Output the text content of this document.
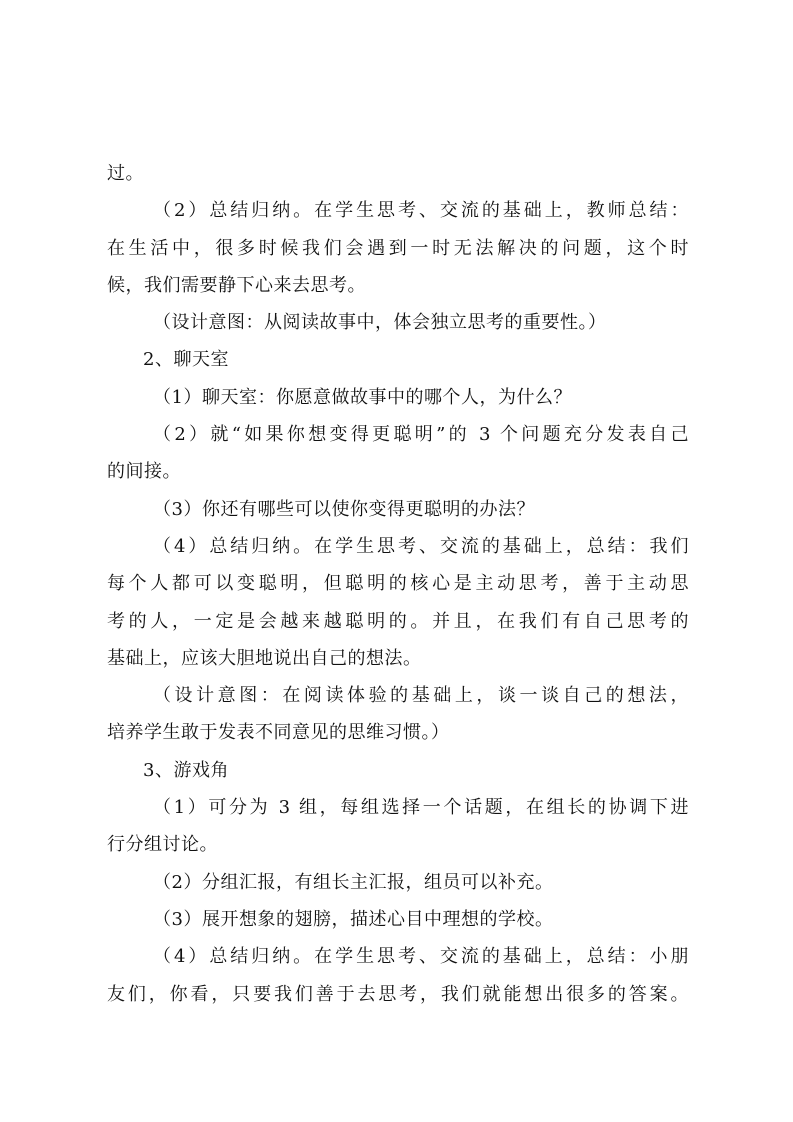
过。
（2）总结归纳。在学生思考、交流的基础上，教师总结：
在生活中，很多时候我们会遇到一时无法解决的问题，这个时
候，我们需要静下心来去思考。
（设计意图：从阅读故事中，体会独立思考的重要性。）
2、聊天室
（1）聊天室：你愿意做故事中的哪个人，为什么？
（2）就“如果你想变得更聪明”的 3 个问题充分发表自己
的间接。
（3）你还有哪些可以使你变得更聪明的办法？
（4）总结归纳。在学生思考、交流的基础上，总结：我们
每个人都可以变聪明，但聪明的核心是主动思考，善于主动思
考的人，一定是会越来越聪明的。并且，在我们有自己思考的
基础上，应该大胆地说出自己的想法。
（设计意图：在阅读体验的基础上，谈一谈自己的想法，
培养学生敢于发表不同意见的思维习惯。）
3、游戏角
（1）可分为 3 组，每组选择一个话题，在组长的协调下进
行分组讨论。
（2）分组汇报，有组长主汇报，组员可以补充。
（3）展开想象的翅膀，描述心目中理想的学校。
（4）总结归纳。在学生思考、交流的基础上，总结：小朋
友们，你看，只要我们善于去思考，我们就能想出很多的答案。
